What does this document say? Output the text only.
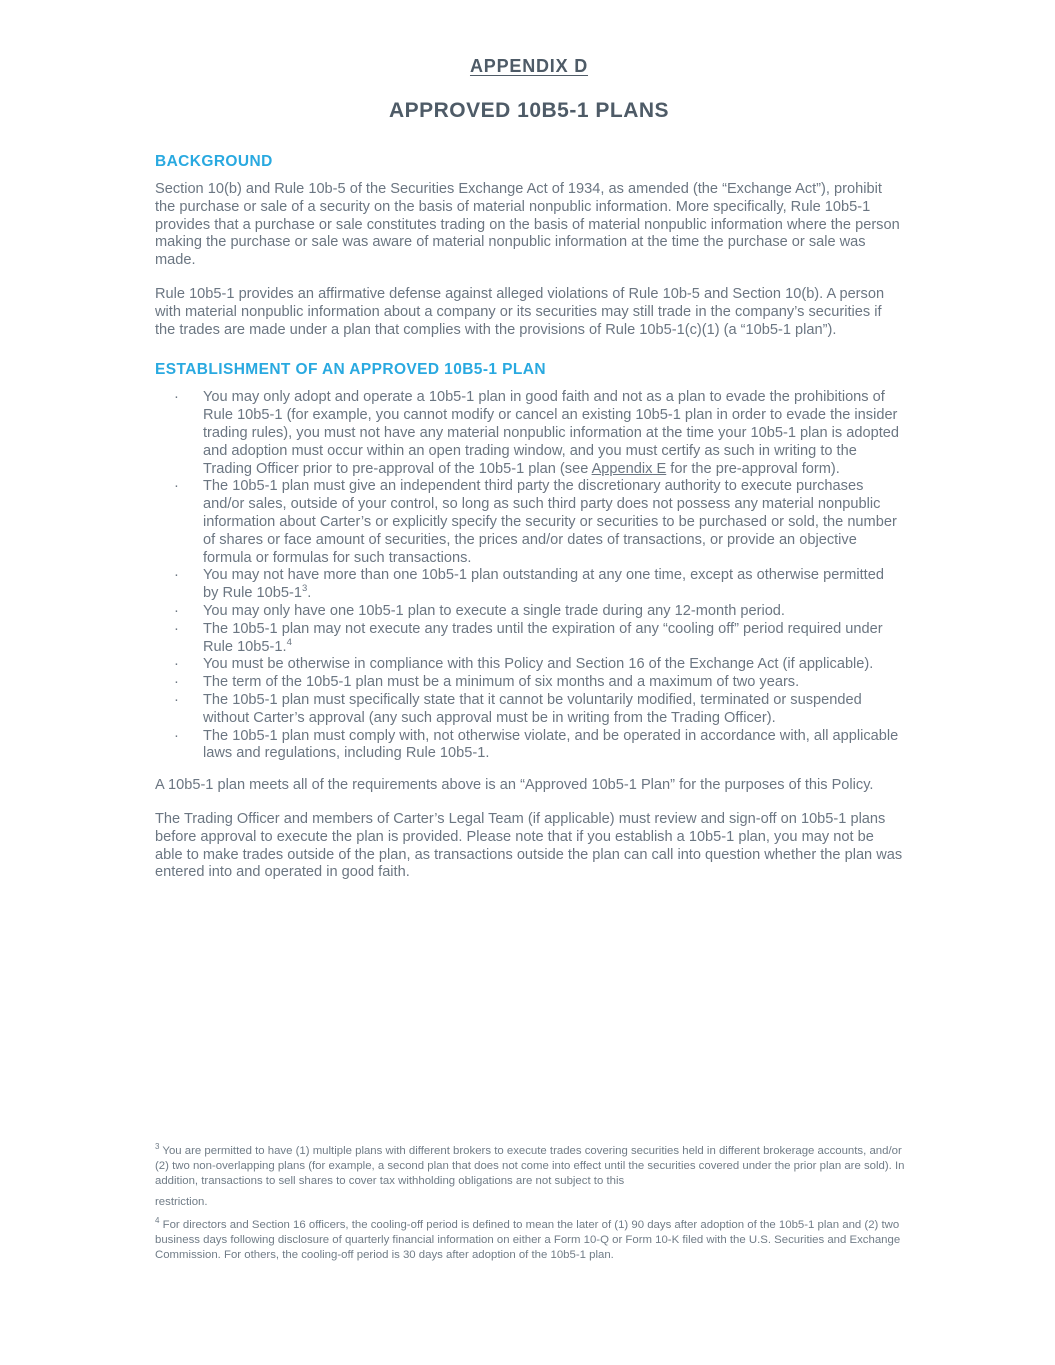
APPENDIX D
APPROVED 10B5-1 PLANS
BACKGROUND

Section 10(b) and Rule 10b-5 of the Securities Exchange Act of 1934, as amended (the “Exchange Act”), prohibit the purchase or sale of a security on the basis of material nonpublic information. More specifically, Rule 10b5-1 provides that a purchase or sale constitutes trading on the basis of material nonpublic information where the person making the purchase or sale was aware of material nonpublic information at the time the purchase or sale was made.

Rule 10b5-1 provides an affirmative defense against alleged violations of Rule 10b-5 and Section 10(b). A person with material nonpublic information about a company or its securities may still trade in the company’s securities if the trades are made under a plan that complies with the provisions of Rule 10b5-1(c)(1) (a “10b5-1 plan”).

ESTABLISHMENT OF AN APPROVED 10B5-1 PLAN
· You may only adopt and operate a 10b5-1 plan in good faith and not as a plan to evade the prohibitions of Rule 10b5-1 (for example, you cannot modify or cancel an existing 10b5-1 plan in order to evade the insider trading rules), you must not have any material nonpublic information at the time your 10b5-1 plan is adopted and adoption must occur within an open trading window, and you must certify as such in writing to the Trading Officer prior to pre-approval of the 10b5-1 plan (see Appendix E for the pre-approval form).
· The 10b5-1 plan must give an independent third party the discretionary authority to execute purchases and/or sales, outside of your control, so long as such third party does not possess any material nonpublic information about Carter’s or explicitly specify the security or securities to be purchased or sold, the number of shares or face amount of securities, the prices and/or dates of transactions, or provide an objective formula or formulas for such transactions.
· You may not have more than one 10b5-1 plan outstanding at any one time, except as otherwise permitted by Rule 10b5-1$^3$.
· You may only have one 10b5-1 plan to execute a single trade during any 12-month period.
· The 10b5-1 plan may not execute any trades until the expiration of any “cooling off” period required under Rule 10b5-1.$^4$
· You must be otherwise in compliance with this Policy and Section 16 of the Exchange Act (if applicable).
· The term of the 10b5-1 plan must be a minimum of six months and a maximum of two years.
· The 10b5-1 plan must specifically state that it cannot be voluntarily modified, terminated or suspended without Carter’s approval (any such approval must be in writing from the Trading Officer).
· The 10b5-1 plan must comply with, not otherwise violate, and be operated in accordance with, all applicable laws and regulations, including Rule 10b5-1.

A 10b5-1 plan meets all of the requirements above is an “Approved 10b5-1 Plan” for the purposes of this Policy.

The Trading Officer and members of Carter’s Legal Team (if applicable) must review and sign-off on 10b5-1 plans before approval to execute the plan is provided. Please note that if you establish a 10b5-1 plan, you may not be able to make trades outside of the plan, as transactions outside the plan can call into question whether the plan was entered into and operated in good faith.

$^3$ You are permitted to have (1) multiple plans with different brokers to execute trades covering securities held in different brokerage accounts, and/or (2) two non-overlapping plans (for example, a second plan that does not come into effect until the securities covered under the prior plan are sold). In addition, transactions to sell shares to cover tax withholding obligations are not subject to this
restriction.

$^4$ For directors and Section 16 officers, the cooling-off period is defined to mean the later of (1) 90 days after adoption of the 10b5-1 plan and (2) two business days following disclosure of quarterly financial information on either a Form 10-Q or Form 10-K filed with the U.S. Securities and Exchange Commission. For others, the cooling-off period is 30 days after adoption of the 10b5-1 plan.
